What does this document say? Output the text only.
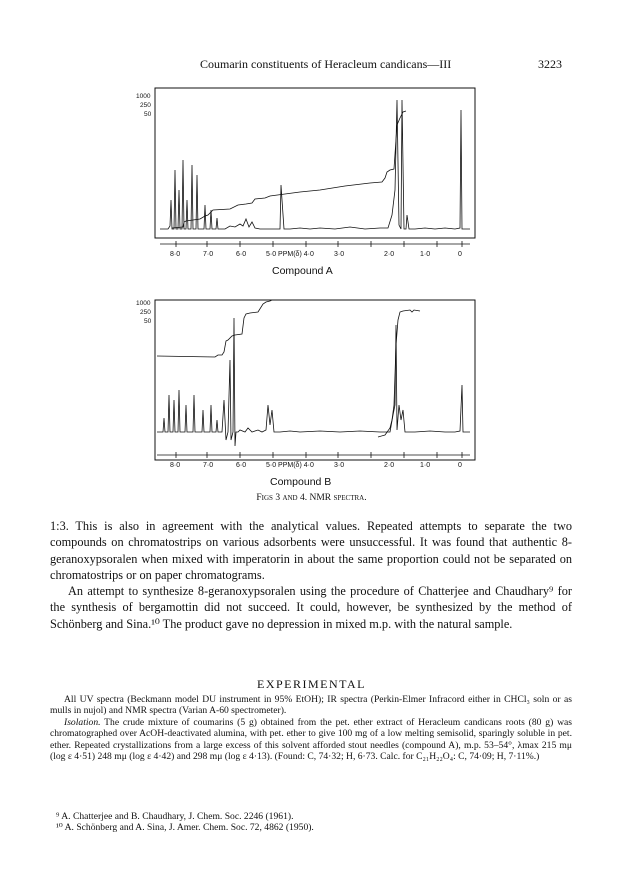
Coumarin constituents of Heracleum candicans—III	3223
1000
250
50
8·0	7·0	6·0	5·0 PPM(δ) 4·0	3·0	2·0	1·0	0
Compound A
1000
250
50
8·0	7·0	6·0	5·0 PPM(δ) 4·0	3·0	2·0	1·0	0
Compound B
Figs 3 and 4. NMR spectra.

1:3. This is also in agreement with the analytical values. Repeated attempts to separate the two compounds on chromatostrips on various adsorbents were unsuccessful. It was found that authentic 8-geranoxypsoralen when mixed with imperatorin in about the same proportion could not be separated on chromatostrips or on paper chromatograms.

An attempt to synthesize 8-geranoxypsoralen using the procedure of Chatterjee and Chaudhary⁹ for the synthesis of bergamottin did not succeed. It could, however, be synthesized by the method of Schönberg and Sina.¹⁰ The product gave no depression in mixed m.p. with the natural sample.

EXPERIMENTAL

All UV spectra (Beckmann model DU instrument in 95% EtOH); IR spectra (Perkin-Elmer Infracord either in CHCl₃ soln or as mulls in nujol) and NMR spectra (Varian A-60 spectrometer).

Isolation. The crude mixture of coumarins (5 g) obtained from the pet. ether extract of Heracleum candicans roots (80 g) was chromatographed over AcOH-deactivated alumina, with pet. ether to give 100 mg of a low melting semisolid, sparingly soluble in pet. ether. Repeated crystallizations from a large excess of this solvent afforded stout needles (compound A), m.p. 53–54°, λmax 215 mμ (log ε 4·51) 248 mμ (log ε 4·42) and 298 mμ (log ε 4·13). (Found: C, 74·32; H, 6·73. Calc. for C₂₁H₂₂O₄: C, 74·09; H, 7·11%.)

⁹ A. Chatterjee and B. Chaudhary, J. Chem. Soc. 2246 (1961).

¹⁰ A. Schönberg and A. Sina, J. Amer. Chem. Soc. 72, 4862 (1950).
